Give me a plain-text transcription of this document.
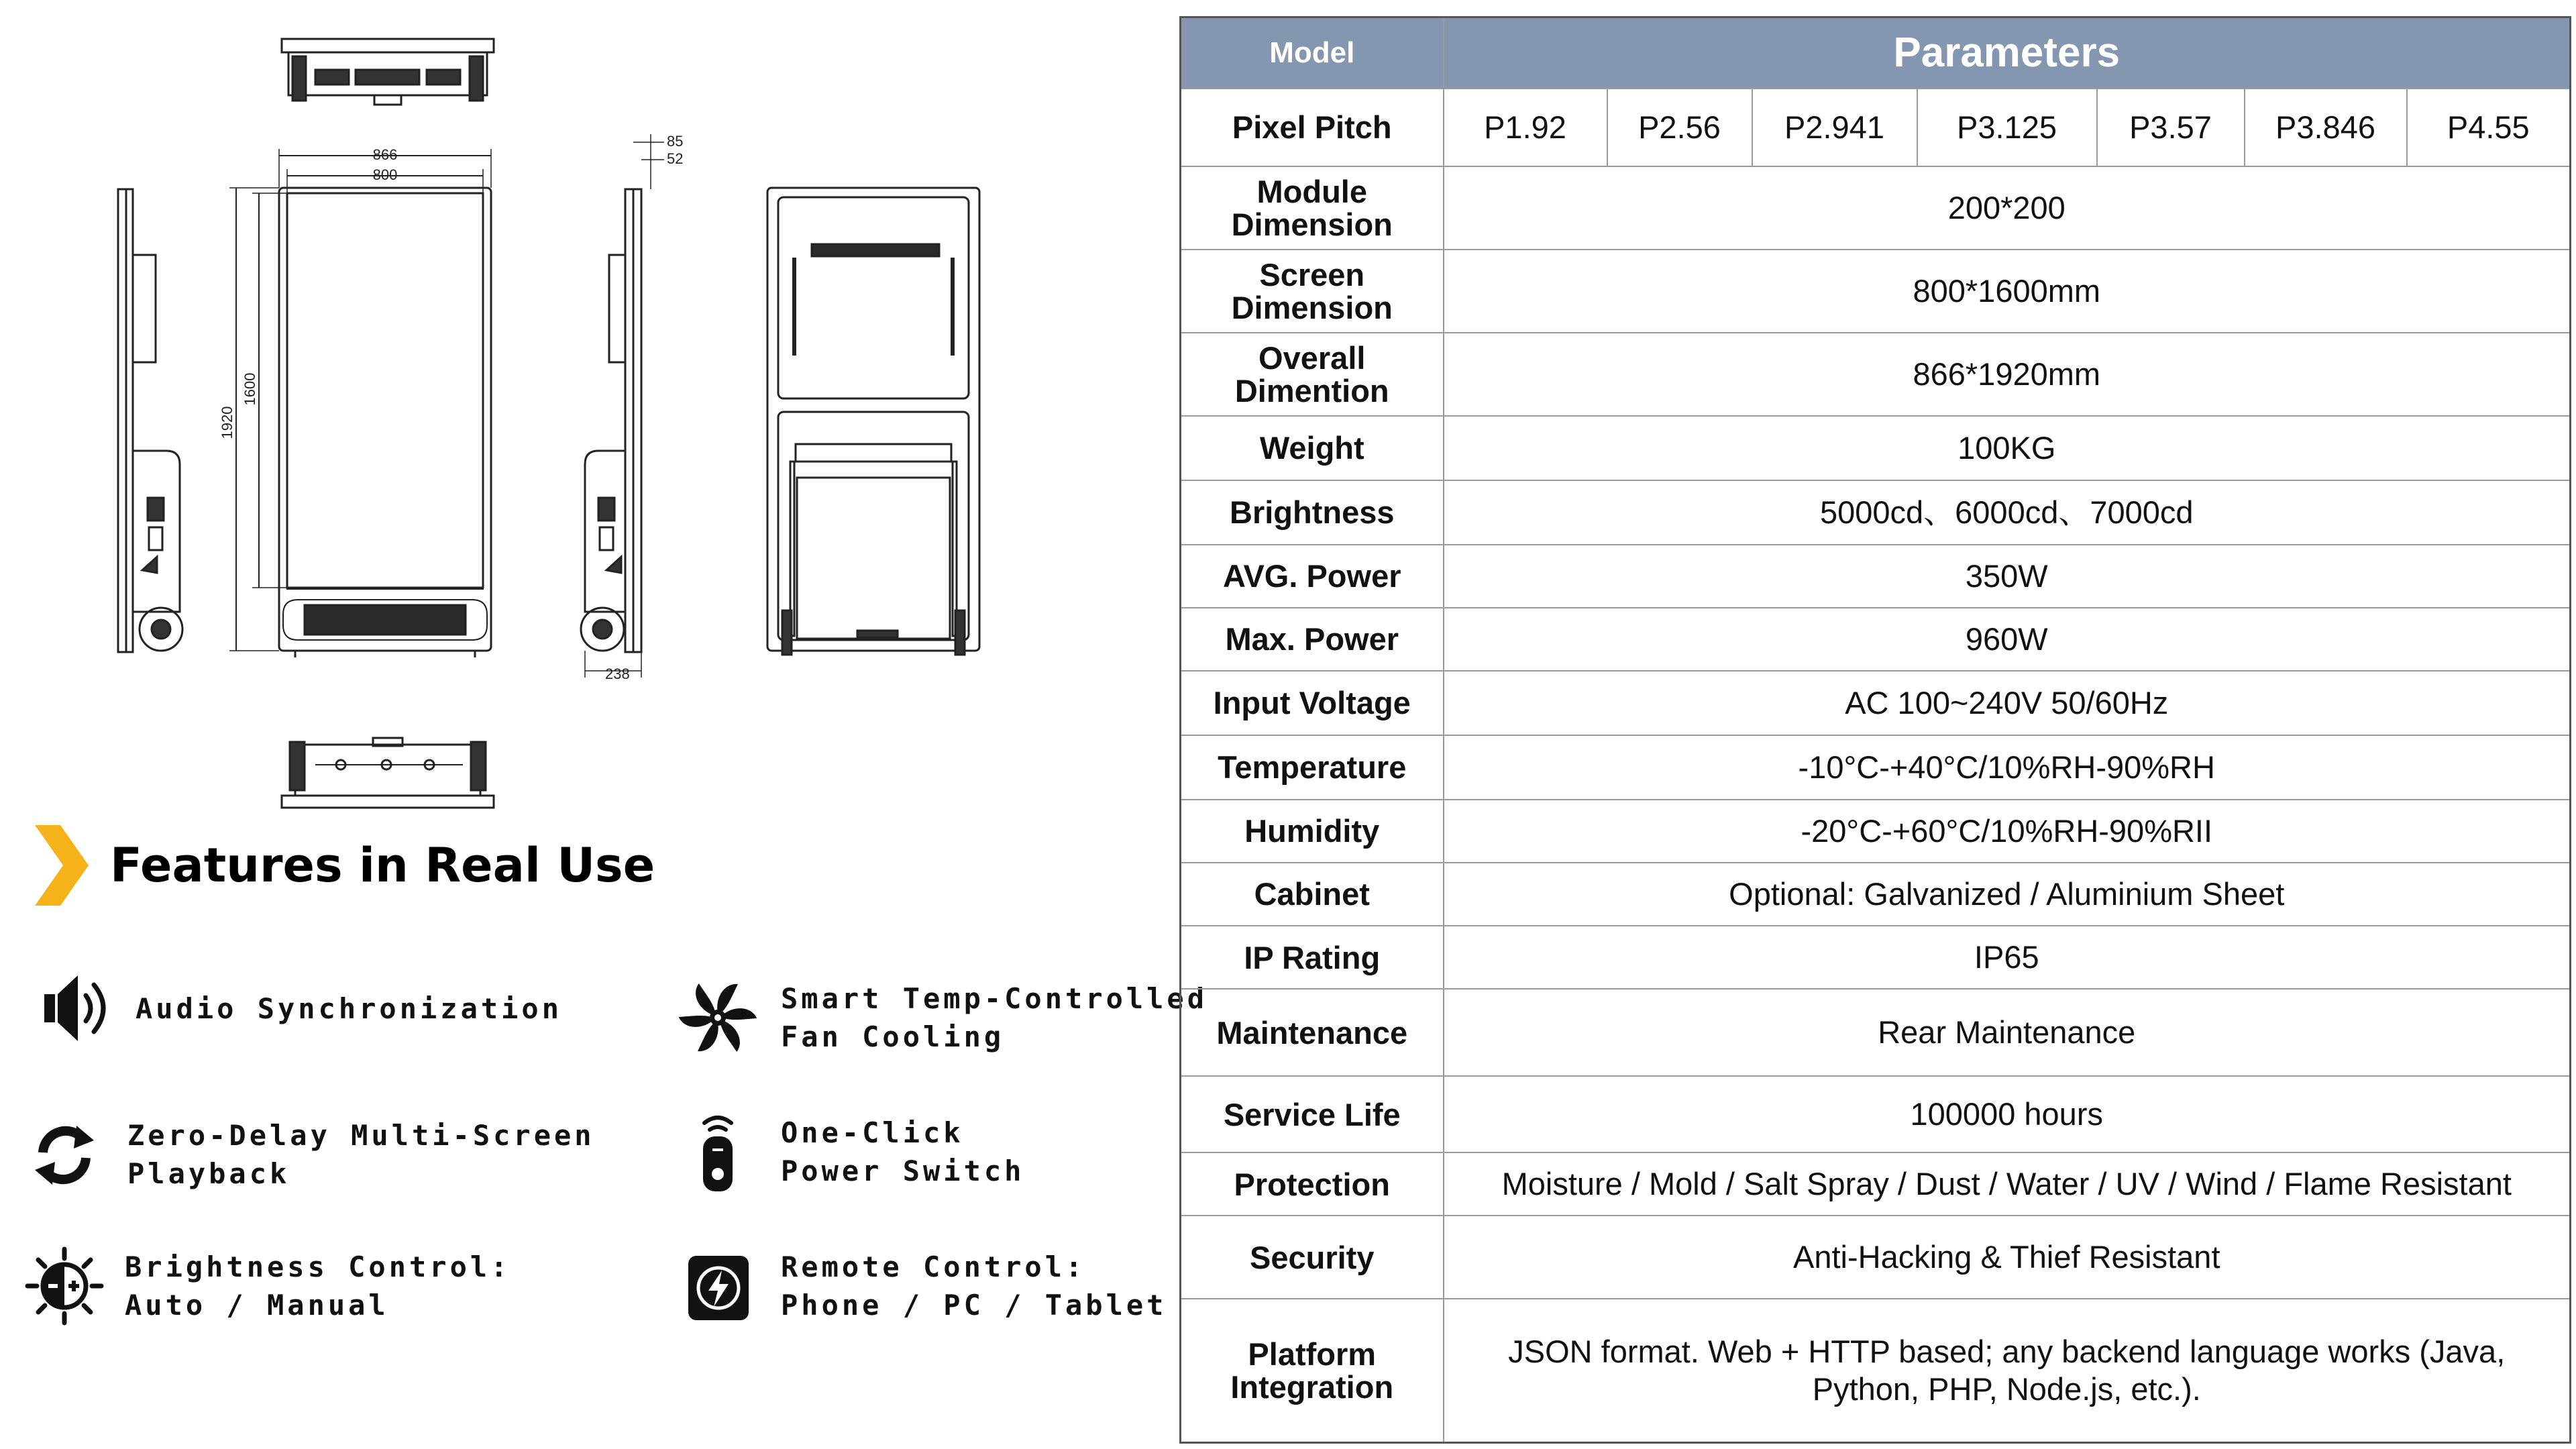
866
800
1920
1600
85
52
238
Features in Real Use
Audio Synchronization	Smart Temp-Controlled
Fan Cooling
Zero-Delay Multi-Screen
Playback
One-Click
Power Switch
Brightness Control:
Auto / Manual
Remote Control:
Phone / PC / Tablet
Model	Parameters						
Pixel Pitch	P1.92	P2.56	P2.941	P3.125	P3.57	P3.846	P4.55
Module Dimension	200*200						
Screen Dimension	800*1600mm						
Overall Dimention	866*1920mm						
Weight	100KG						
Brightness	5000cd、6000cd、7000cd						
AVG. Power	350W						
Max. Power	960W						
Input Voltage	AC 100~240V 50/60Hz						
Temperature	-10°C-+40°C/10%RH-90%RH						
Humidity	-20°C-+60°C/10%RH-90%RII						
Cabinet	Optional: Galvanized / Aluminium Sheet						
IP Rating	IP65						
Maintenance	Rear Maintenance						
Service Life	100000 hours						
Protection	Moisture / Mold / Salt Spray / Dust / Water / UV / Wind / Flame Resistant						
Security	Anti-Hacking & Thief Resistant						
Platform Integration	JSON format. Web + HTTP based; any backend language works (Java, Python, PHP, Node.js, etc.).						
